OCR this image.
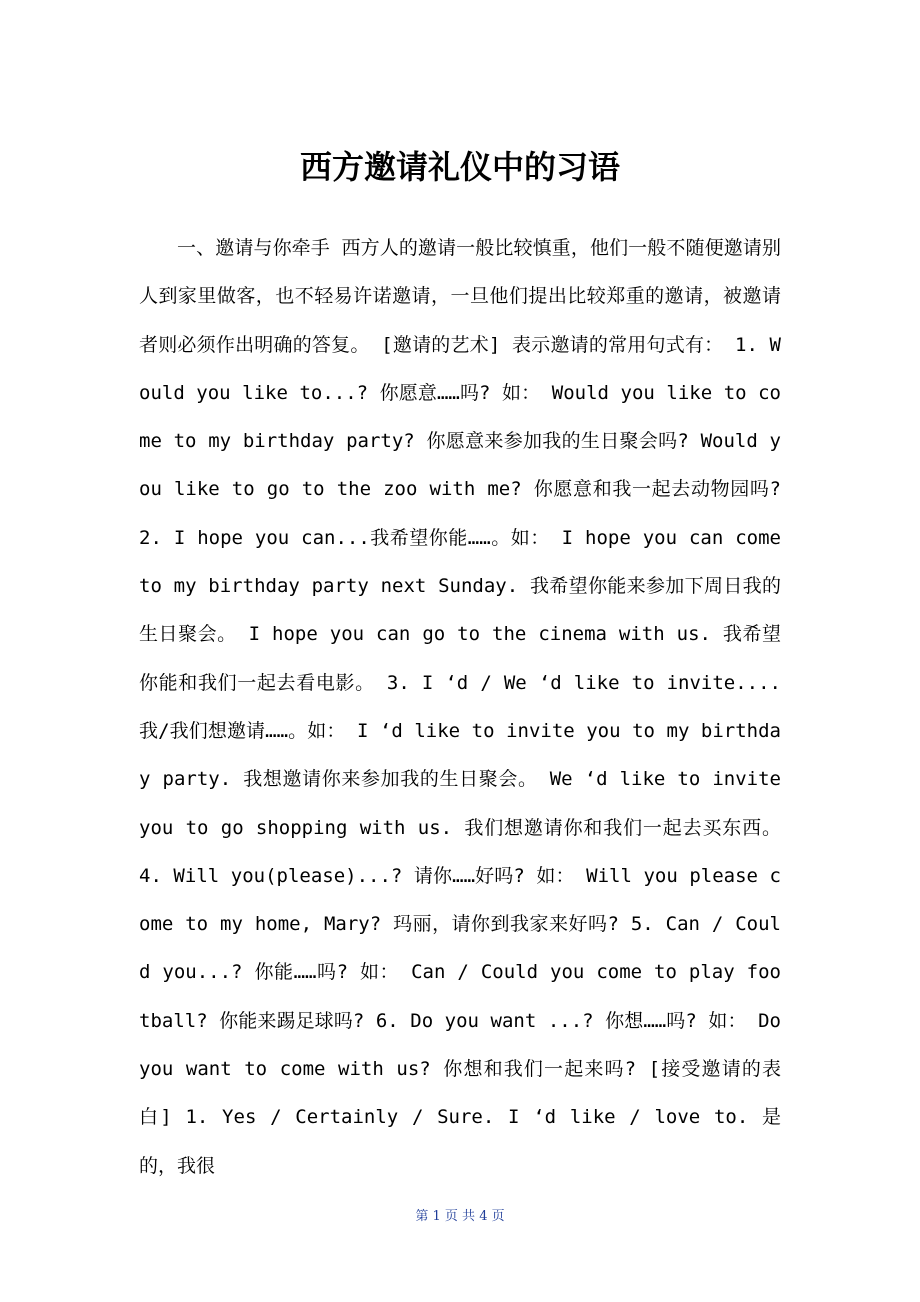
西方邀请礼仪中的习语

一、邀请与你牵手 西方人的邀请一般比较慎重，他们一般不随便邀请别人到家里做客，也不轻易许诺邀请，一旦他们提出比较郑重的邀请，被邀请者则必须作出明确的答复。 [邀请的艺术] 表示邀请的常用句式有： 1. Would you like to...? 你愿意……吗? 如： Would you like to come to my birthday party? 你愿意来参加我的生日聚会吗? Would you like to go to the zoo with me? 你愿意和我一起去动物园吗? 2. I hope you can...我希望你能……。如： I hope you can come to my birthday party next Sunday. 我希望你能来参加下周日我的生日聚会。 I hope you can go to the cinema with us. 我希望你能和我们一起去看电影。 3. I ‘d / We ‘d like to invite....我/我们想邀请……。如： I ‘d like to invite you to my birthday party. 我想邀请你来参加我的生日聚会。 We ‘d like to invite you to go shopping with us. 我们想邀请你和我们一起去买东西。 4. Will you(please)...? 请你……好吗? 如： Will you please come to my home, Mary? 玛丽，请你到我家来好吗? 5. Can / Could you...? 你能……吗? 如： Can / Could you come to play football? 你能来踢足球吗? 6. Do you want ...? 你想……吗? 如： Do you want to come with us? 你想和我们一起来吗? [接受邀请的表白] 1. Yes / Certainly / Sure. I ‘d like / love to. 是的，我很

第 1 页 共 4 页
